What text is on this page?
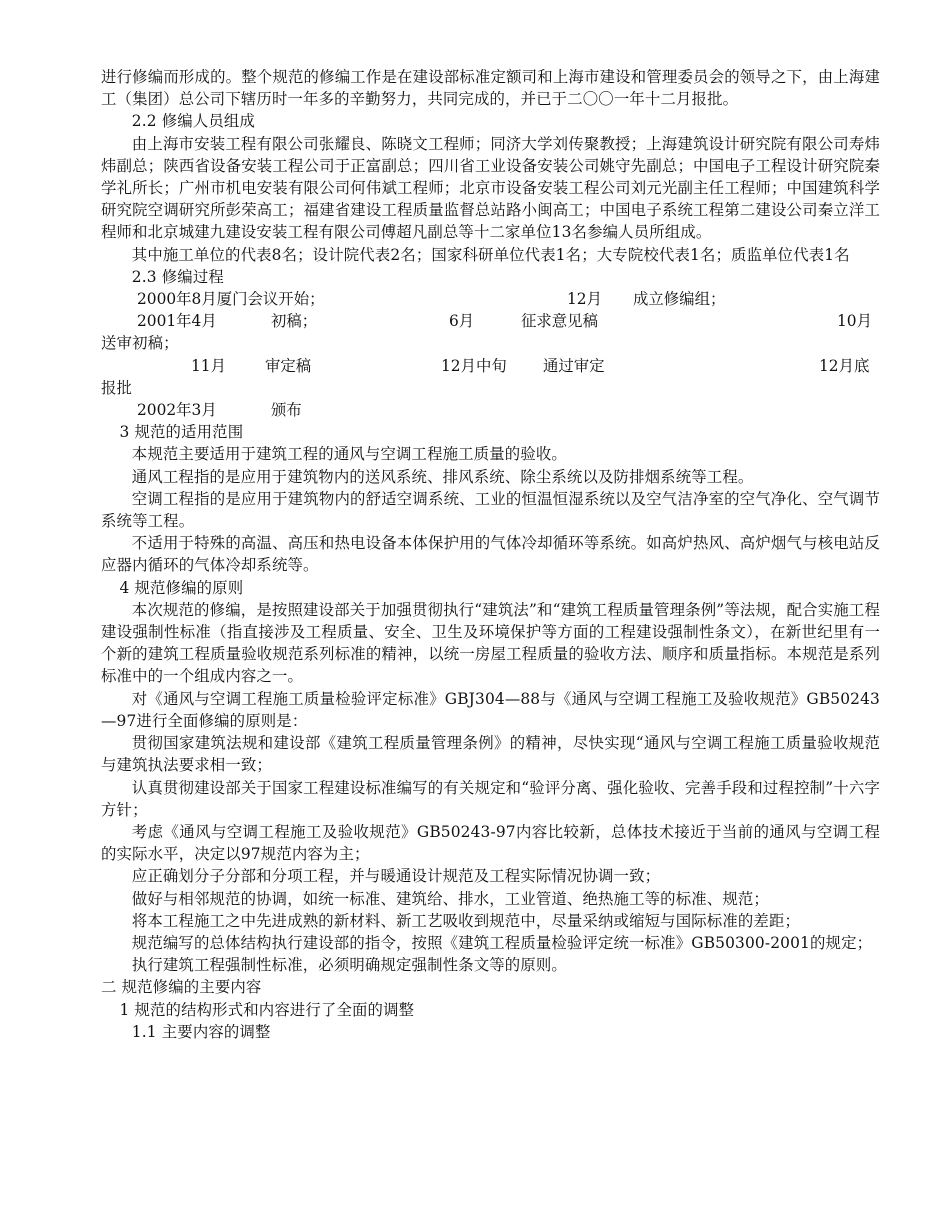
进行修编而形成的。整个规范的修编工作是在建设部标准定额司和上海市建设和管理委员会的领导之下，由上海建工（集团）总公司下辖历时一年多的辛勤努力，共同完成的，并已于二〇〇一年十二月报批。

2.2 修编人员组成

由上海市安装工程有限公司张耀良、陈晓文工程师；同济大学刘传聚教授；上海建筑设计研究院有限公司寿炜炜副总；陕西省设备安装工程公司于正富副总；四川省工业设备安装公司姚守先副总；中国电子工程设计研究院秦学礼所长；广州市机电安装有限公司何伟斌工程师；北京市设备安装工程公司刘元光副主任工程师；中国建筑科学研究院空调研究所彭荣高工；福建省建设工程质量监督总站路小闽高工；中国电子系统工程第二建设公司秦立洋工程师和北京城建九建设安装工程有限公司傅超凡副总等十二家单位13名参编人员所组成。

其中施工单位的代表8名；设计院代表2名；国家科研单位代表1名；大专院校代表1名；质监单位代表1名

2.3 修编过程

2000年8月厦门会议开始；	12月	成立修编组；
2001年4月	初稿；	6月	征求意见稿	10月

送审初稿；

11月	审定稿	12月中旬	通过审定	12月底

报批

2002年3月	颁布

3 规范的适用范围

本规范主要适用于建筑工程的通风与空调工程施工质量的验收。

通风工程指的是应用于建筑物内的送风系统、排风系统、除尘系统以及防排烟系统等工程。

空调工程指的是应用于建筑物内的舒适空调系统、工业的恒温恒湿系统以及空气洁净室的空气净化、空气调节系统等工程。

不适用于特殊的高温、高压和热电设备本体保护用的气体冷却循环等系统。如高炉热风、高炉烟气与核电站反应器内循环的气体冷却系统等。

4 规范修编的原则

本次规范的修编，是按照建设部关于加强贯彻执行“建筑法”和“建筑工程质量管理条例”等法规，配合实施工程建设强制性标准（指直接涉及工程质量、安全、卫生及环境保护等方面的工程建设强制性条文），在新世纪里有一个新的建筑工程质量验收规范系列标准的精神，以统一房屋工程质量的验收方法、顺序和质量指标。本规范是系列标准中的一个组成内容之一。

对《通风与空调工程施工质量检验评定标准》GBJ304—88与《通风与空调工程施工及验收规范》GB50243—97进行全面修编的原则是：

贯彻国家建筑法规和建设部《建筑工程质量管理条例》的精神，尽快实现“通风与空调工程施工质量验收规范与建筑执法要求相一致；

认真贯彻建设部关于国家工程建设标准编写的有关规定和“验评分离、强化验收、完善手段和过程控制”十六字方针；

考虑《通风与空调工程施工及验收规范》GB50243-97内容比较新，总体技术接近于当前的通风与空调工程的实际水平，决定以97规范内容为主；

应正确划分子分部和分项工程，并与暖通设计规范及工程实际情况协调一致；

做好与相邻规范的协调，如统一标准、建筑给、排水，工业管道、绝热施工等的标准、规范；

将本工程施工之中先进成熟的新材料、新工艺吸收到规范中，尽量采纳或缩短与国际标准的差距；

规范编写的总体结构执行建设部的指令，按照《建筑工程质量检验评定统一标准》GB50300-2001的规定；

执行建筑工程强制性标准，必须明确规定强制性条文等的原则。

二 规范修编的主要内容

1 规范的结构形式和内容进行了全面的调整

1.1 主要内容的调整
